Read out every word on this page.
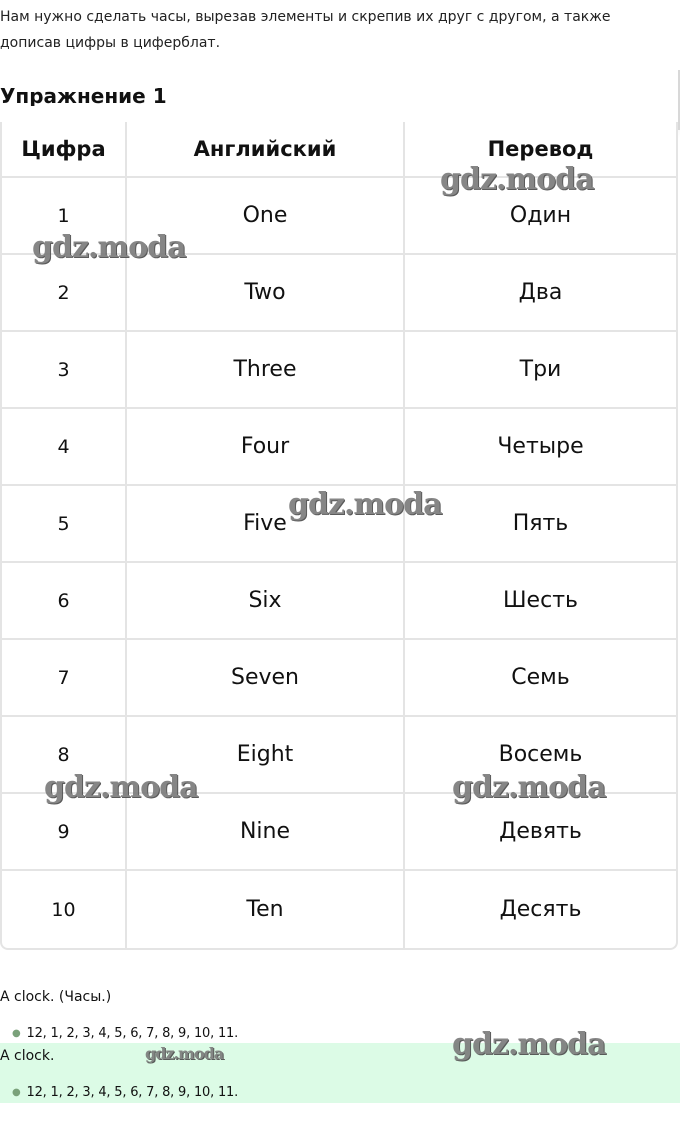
Нам нужно сделать часы, вырезав элементы и скрепив их друг с другом, а также дописав цифры в циферблат.
Упражнение 1
Цифра	Английский	Перевод
1	One	Один
2	Two	Два
3	Three	Три
4	Four	Четыре
5	Five	Пять
6	Six	Шесть
7	Seven	Семь
8	Eight	Восемь
9	Nine	Девять
10	Ten	Десять
A clock. (Часы.)
● 12, 1, 2, 3, 4, 5, 6, 7, 8, 9, 10, 11.
A clock.
● 12, 1, 2, 3, 4, 5, 6, 7, 8, 9, 10, 11.
gdz.moda
gdz.moda
gdz.moda
gdz.moda	gdz.moda
gdz.moda
gdz.moda
